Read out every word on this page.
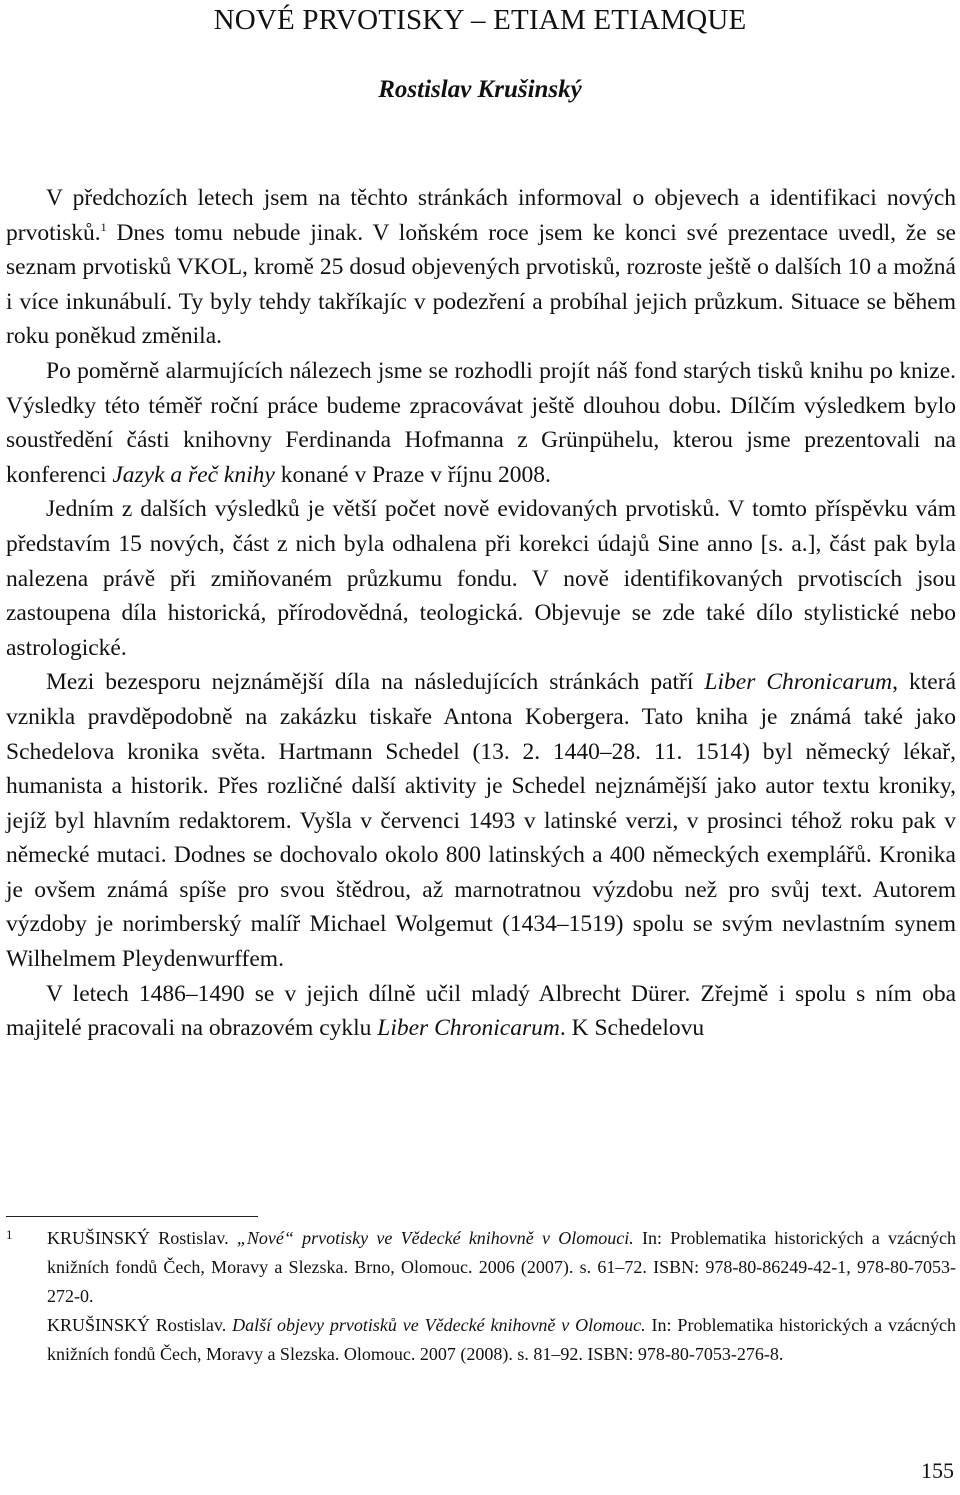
NOVÉ PRVOTISKY – ETIAM ETIAMQUE

Rostislav Krušinský

V předchozích letech jsem na těchto stránkách informoval o objevech a identifikaci nových prvotisků.$^1$ Dnes tomu nebude jinak. V loňském roce jsem ke konci své prezentace uvedl, že se seznam prvotisků VKOL, kromě 25 dosud objevených prvotisků, rozroste ještě o dalších 10 a možná i více inkunábulí. Ty byly tehdy takříkajíc v podezření a probíhal jejich průzkum. Situace se během roku poněkud změnila.

Po poměrně alarmujících nálezech jsme se rozhodli projít náš fond starých tisků knihu po knize. Výsledky této téměř roční práce budeme zpracovávat ještě dlouhou dobu. Dílčím výsledkem bylo soustředění části knihovny Ferdinanda Hofmanna z Grünpühelu, kterou jsme prezentovali na konferenci Jazyk a řeč knihy konané v Praze v říjnu 2008.

Jedním z dalších výsledků je větší počet nově evidovaných prvotisků. V tomto příspěvku vám představím 15 nových, část z nich byla odhalena při korekci údajů Sine anno [s. a.], část pak byla nalezena právě při zmiňovaném průzkumu fondu. V nově identifikovaných prvotiscích jsou zastoupena díla historická, přírodovědná, teologická. Objevuje se zde také dílo stylistické nebo astrologické.

Mezi bezesporu nejznámější díla na následujících stránkách patří Liber Chronicarum, která vznikla pravděpodobně na zakázku tiskaře Antona Kobergera. Tato kniha je známá také jako Schedelova kronika světa. Hartmann Schedel (13. 2. 1440–28. 11. 1514) byl německý lékař, humanista a historik. Přes rozličné další aktivity je Schedel nejznámější jako autor textu kroniky, jejíž byl hlavním redaktorem. Vyšla v červenci 1493 v latinské verzi, v prosinci téhož roku pak v německé mutaci. Dodnes se dochovalo okolo 800 latinských a 400 německých exemplářů. Kronika je ovšem známá spíše pro svou štědrou, až marnotratnou výzdobu než pro svůj text. Autorem výzdoby je norimberský malíř Michael Wolgemut (1434–1519) spolu se svým nevlastním synem Wilhelmem Pleydenwurffem.

V letech 1486–1490 se v jejich dílně učil mladý Albrecht Dürer. Zřejmě i spolu s ním oba majitelé pracovali na obrazovém cyklu Liber Chronicarum. K Schedelovu

1 KRUŠINSKÝ Rostislav. „Nové“ prvotisky ve Vědecké knihovně v Olomouci. In: Problematika historických a vzácných knižních fondů Čech, Moravy a Slezska. Brno, Olomouc. 2006 (2007). s. 61–72. ISBN: 978-80-86249-42-1, 978-80-7053-272-0.

KRUŠINSKÝ Rostislav. Další objevy prvotisků ve Vědecké knihovně v Olomouc. In: Problematika historických a vzácných knižních fondů Čech, Moravy a Slezska. Olomouc. 2007 (2008). s. 81–92. ISBN: 978-80-7053-276-8.

155
